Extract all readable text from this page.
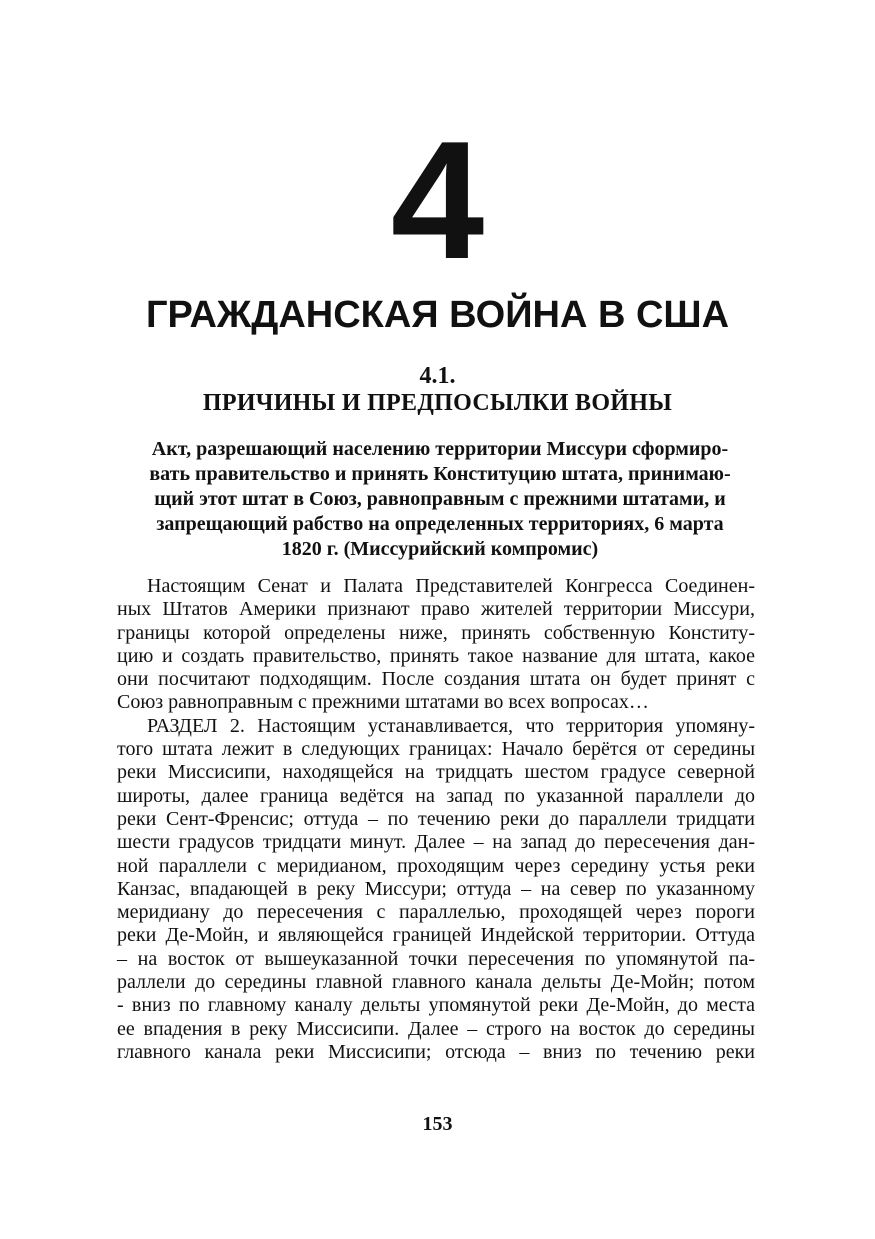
4
ГРАЖДАНСКАЯ ВОЙНА В США
4.1.
ПРИЧИНЫ И ПРЕДПОСЫЛКИ ВОЙНЫ
Акт, разрешающий населению территории Миссури сформиро-
вать правительство и принять Конституцию штата, принимаю-
щий этот штат в Союз, равноправным с прежними штатами, и
запрещающий рабство на определенных территориях, 6 марта
1820 г. (Миссурийский компромис)
Настоящим Сенат и Палата Представителей Конгресса Соединен-
ных Штатов Америки признают право жителей территории Миссури,
границы которой определены ниже, принять собственную Конститу-
цию и создать правительство, принять такое название для штата, какое
они посчитают подходящим. После создания штата он будет принят с
Союз равноправным с прежними штатами во всех вопросах…
РАЗДЕЛ 2. Настоящим устанавливается, что территория упомяну-
того штата лежит в следующих границах: Начало берётся от середины
реки Миссисипи, находящейся на тридцать шестом градусе северной
широты, далее граница ведётся на запад по указанной параллели до
реки Сент-Френсис; оттуда – по течению реки до параллели тридцати
шести градусов тридцати минут. Далее – на запад до пересечения дан-
ной параллели с меридианом, проходящим через середину устья реки
Канзас, впадающей в реку Миссури; оттуда – на север по указанному
меридиану до пересечения с параллелью, проходящей через пороги
реки Де-Мойн, и являющейся границей Индейской территории. Оттуда
– на восток от вышеуказанной точки пересечения по упомянутой па-
раллели до середины главной главного канала дельты Де-Мойн; потом
- вниз по главному каналу дельты упомянутой реки Де-Мойн, до места
ее впадения в реку Миссисипи. Далее – строго на восток до середины
главного канала реки Миссисипи; отсюда – вниз по течению реки
153
